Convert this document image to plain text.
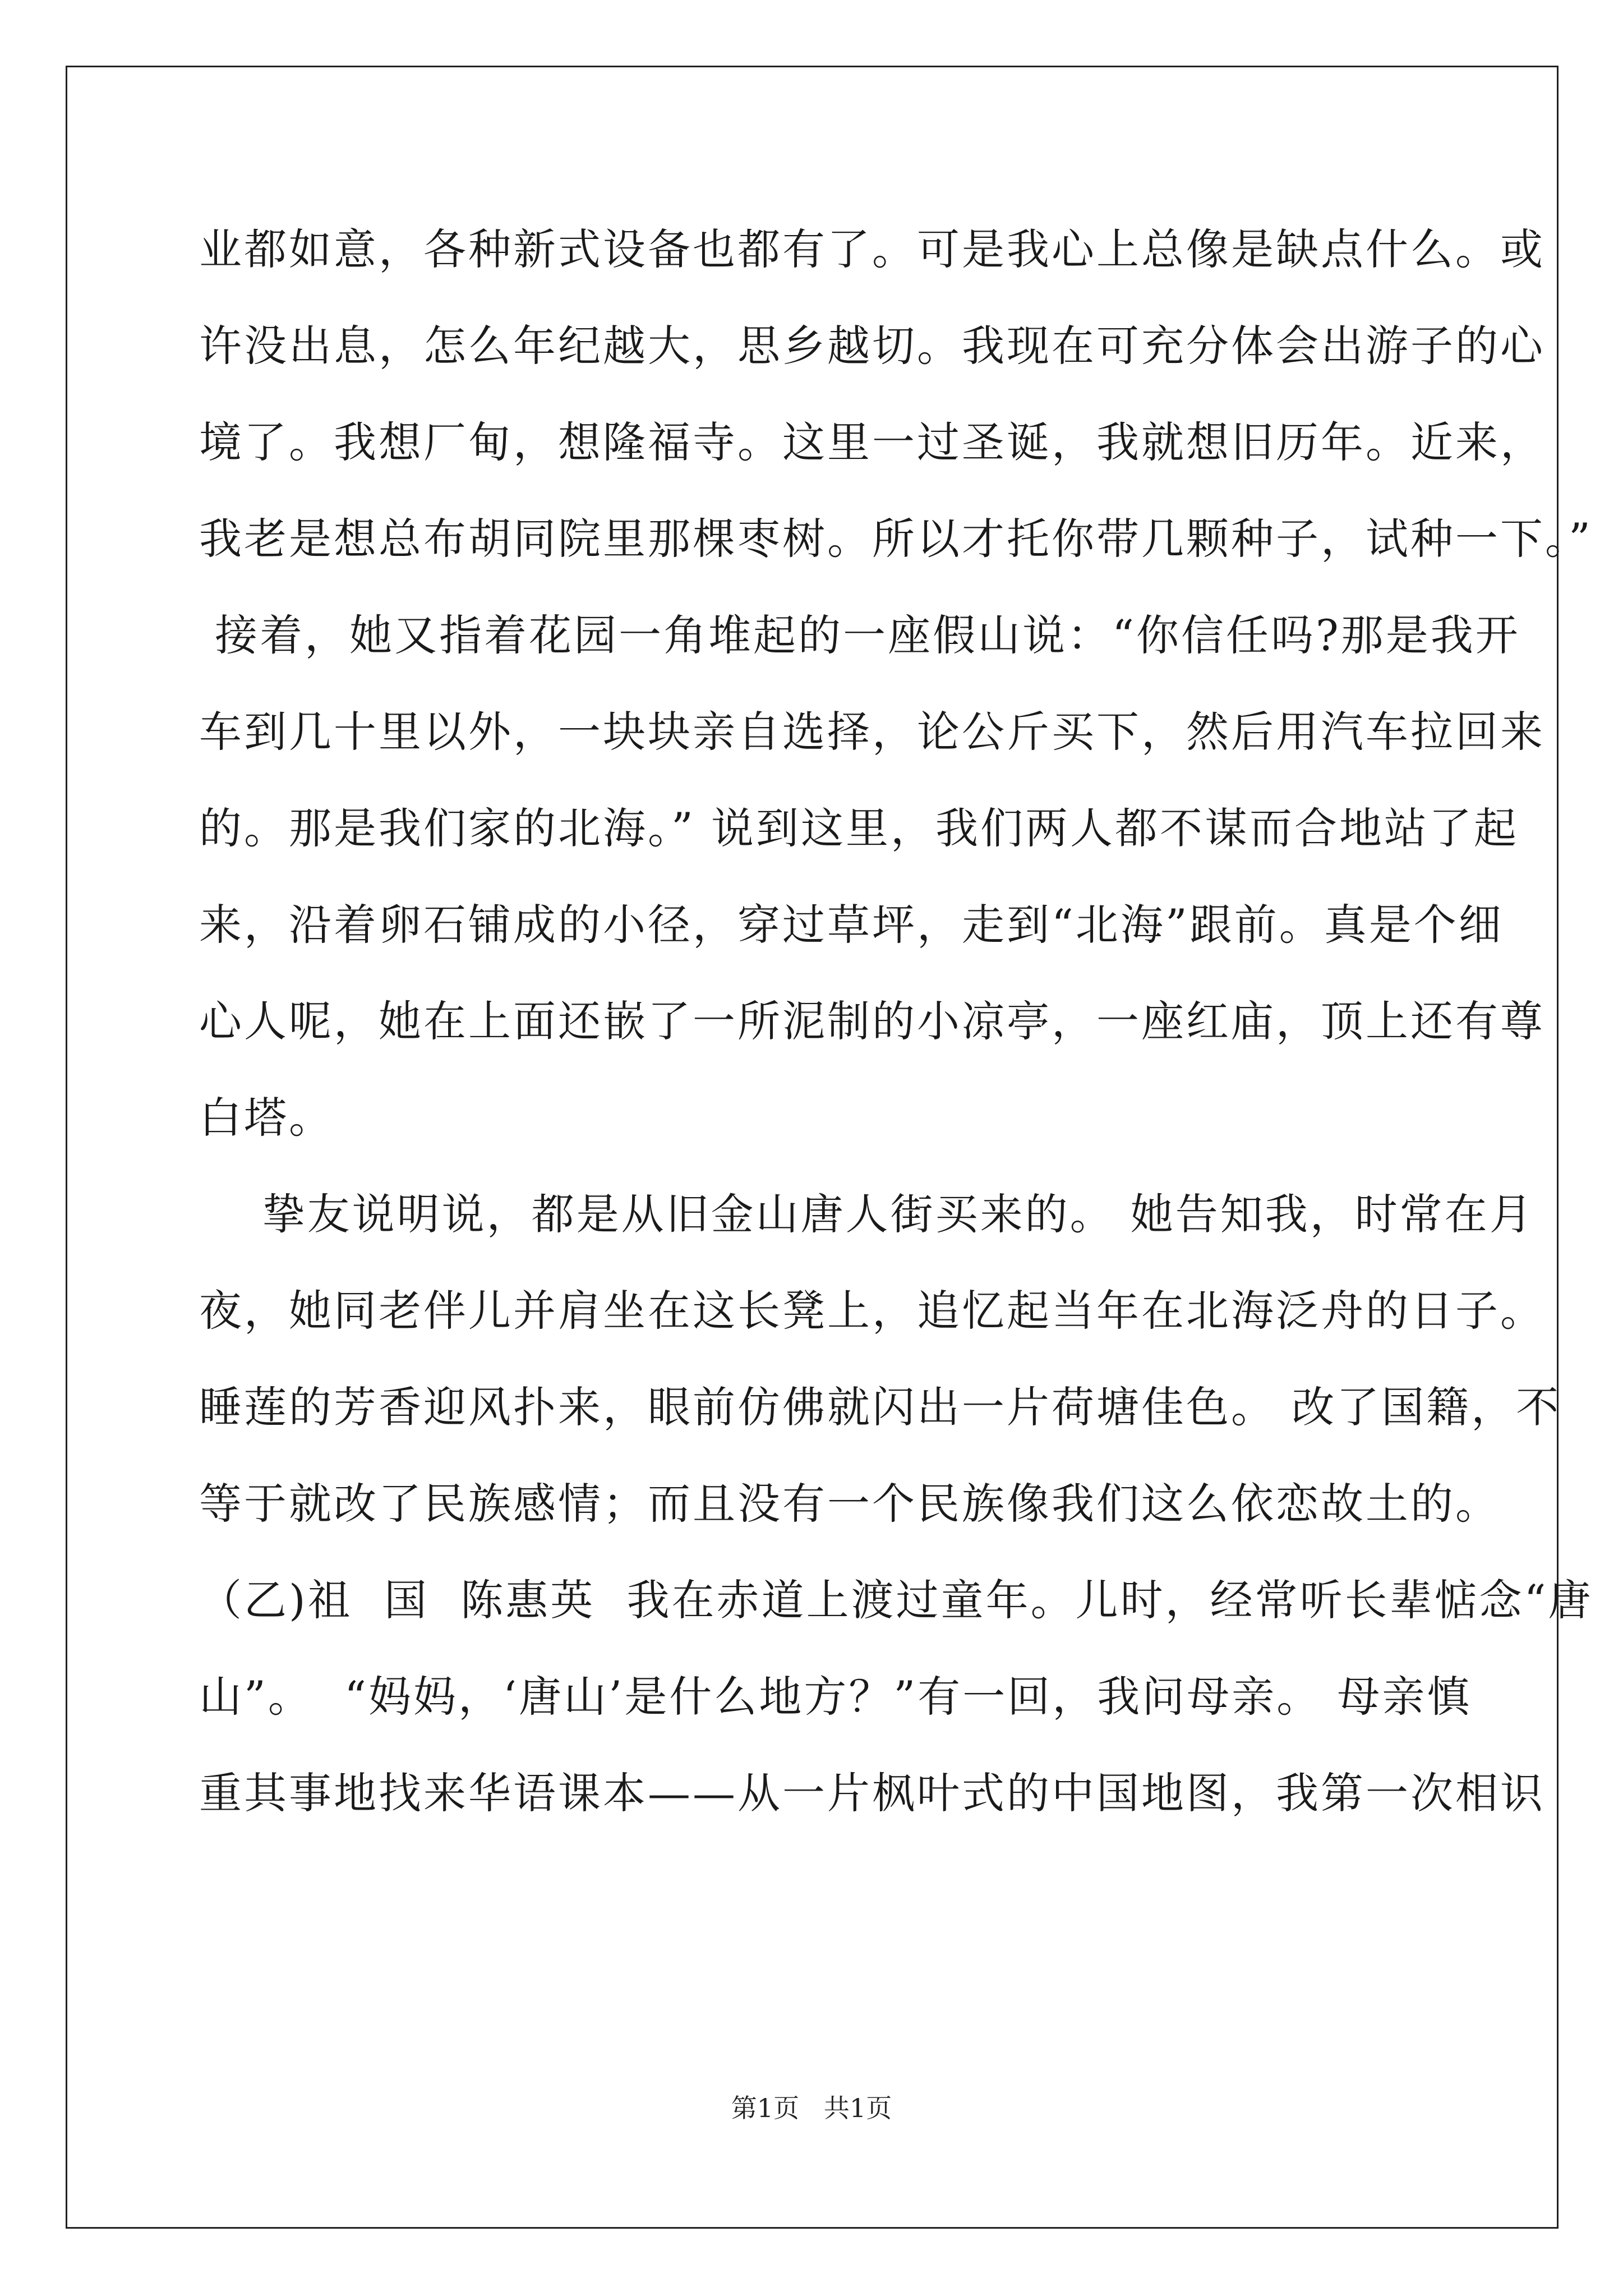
业都如意，各种新式设备也都有了。可是我心上总像是缺点什么。或
许没出息，怎么年纪越大，思乡越切。我现在可充分体会出游子的心
境了。我想厂甸，想隆福寺。这里一过圣诞，我就想旧历年。近来，
我老是想总布胡同院里那棵枣树。所以才托你带几颗种子，试种一下。”
接着，她又指着花园一角堆起的一座假山说：“你信任吗?那是我开
车到几十里以外，一块块亲自选择，论公斤买下，然后用汽车拉回来
的。那是我们家的北海。” 说到这里，我们两人都不谋而合地站了起
来，沿着卵石铺成的小径，穿过草坪，走到“北海”跟前。真是个细
心人呢，她在上面还嵌了一所泥制的小凉亭，一座红庙，顶上还有尊
白塔。
挚友说明说，都是从旧金山唐人街买来的。 她告知我，时常在月
夜，她同老伴儿并肩坐在这长凳上，追忆起当年在北海泛舟的日子。
睡莲的芳香迎风扑来，眼前仿佛就闪出一片荷塘佳色。 改了国籍，不
等于就改了民族感情；而且没有一个民族像我们这么依恋故土的。
（乙)祖  国  陈惠英  我在赤道上渡过童年。儿时，经常听长辈惦念“唐
山”。  “妈妈，‘唐山’是什么地方？”有一回，我问母亲。 母亲慎
重其事地找来华语课本——从一片枫叶式的中国地图，我第一次相识
第1页   共1页
